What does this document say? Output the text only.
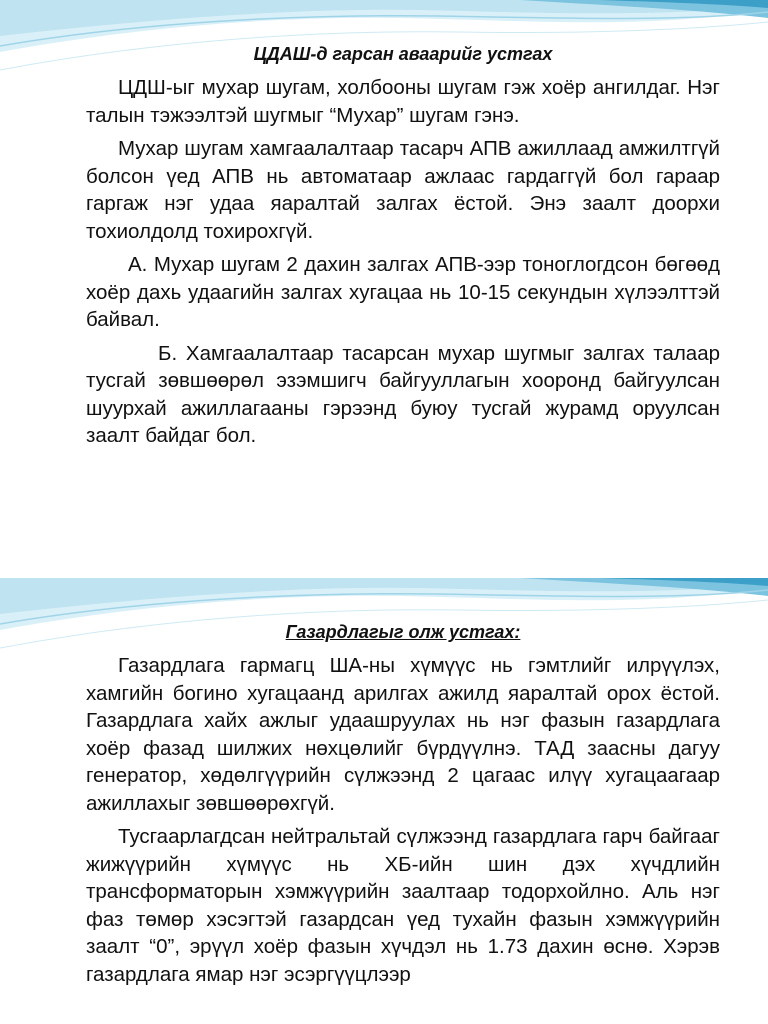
ЦДАШ-д гарсан аваарийг устгах

ЦДШ-ыг мухар шугам, холбооны шугам гэж хоёр ангилдаг. Нэг талын тэжээлтэй шугмыг “Мухар” шугам гэнэ.

Мухар шугам хамгаалалтаар тасарч АПВ ажиллаад амжилтгүй болсон үед АПВ нь автоматаар ажлаас гардаггүй бол гараар гаргаж нэг удаа яаралтай залгах ёстой. Энэ заалт доорхи тохиолдолд тохирохгүй.

А. Мухар шугам 2 дахин залгах АПВ-ээр тоноглогдсон бөгөөд хоёр дахь удаагийн залгах хугацаа нь 10-15 секундын хүлээлттэй байвал.

Б. Хамгаалалтаар тасарсан мухар шугмыг залгах талаар тусгай зөвшөөрөл эзэмшигч байгууллагын хооронд байгуулсан шуурхай ажиллагааны гэрээнд буюу тусгай журамд оруулсан заалт байдаг бол.

Газардлагыг олж устгах:

Газардлага гармагц ША-ны хүмүүс нь гэмтлийг илрүүлэх, хамгийн богино хугацаанд арилгах ажилд яаралтай орох ёстой. Газардлага хайх ажлыг удаашруулах нь нэг фазын газардлага хоёр фазад шилжих нөхцөлийг бүрдүүлнэ. ТАД заасны дагуу генератор, хөдөлгүүрийн сүлжээнд 2 цагаас илүү хугацаагаар ажиллахыг зөвшөөрөхгүй.

Тусгаарлагдсан нейтральтай сүлжээнд газардлага гарч байгааг жижүүрийн хүмүүс нь ХБ-ийн шин дэх хүчдлийн трансформаторын хэмжүүрийн заалтаар тодорхойлно. Аль нэг фаз төмөр хэсэгтэй газардсан үед тухайн фазын хэмжүүрийн заалт “0”, эрүүл хоёр фазын хүчдэл нь 1.73 дахин өснө. Хэрэв газардлага ямар нэг эсэргүүцлээр
